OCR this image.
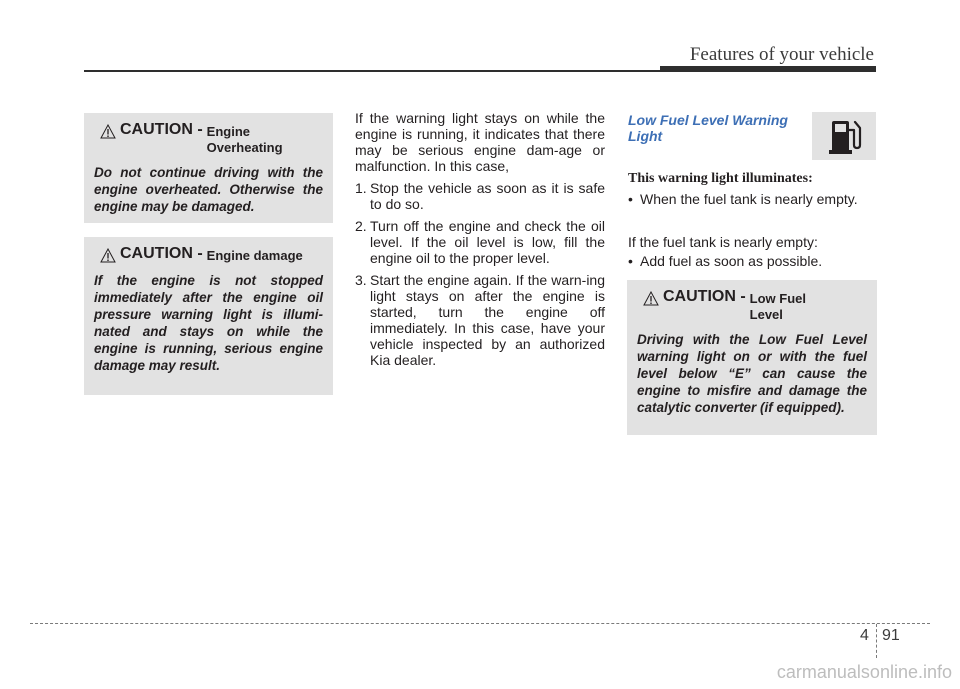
Features of your vehicle
CAUTION - Engine Overheating
Do not continue driving with the engine overheated. Otherwise the engine may be damaged.
CAUTION - Engine damage
If the engine is not stopped immediately after the engine oil pressure warning light is illumi-nated and stays on while the engine is running, serious engine damage may result.

If the warning light stays on while the engine is running, it indicates that there may be serious engine dam-age or malfunction. In this case,

1. Stop the vehicle as soon as it is safe to do so.
2. Turn off the engine and check the oil level. If the oil level is low, fill the engine oil to the proper level.
3. Start the engine again. If the warn-ing light stays on after the engine is started, turn the engine off immediately. In this case, have your vehicle inspected by an authorized Kia dealer.
Low Fuel Level Warning Light
This warning light illuminates:
• When the fuel tank is nearly empty.
If the fuel tank is nearly empty:
• Add fuel as soon as possible.
CAUTION - Low Fuel Level
Driving with the Low Fuel Level warning light on or with the fuel level below “E” can cause the engine to misfire and damage the catalytic converter (if equipped).
4 91
carmanualsonline.info
